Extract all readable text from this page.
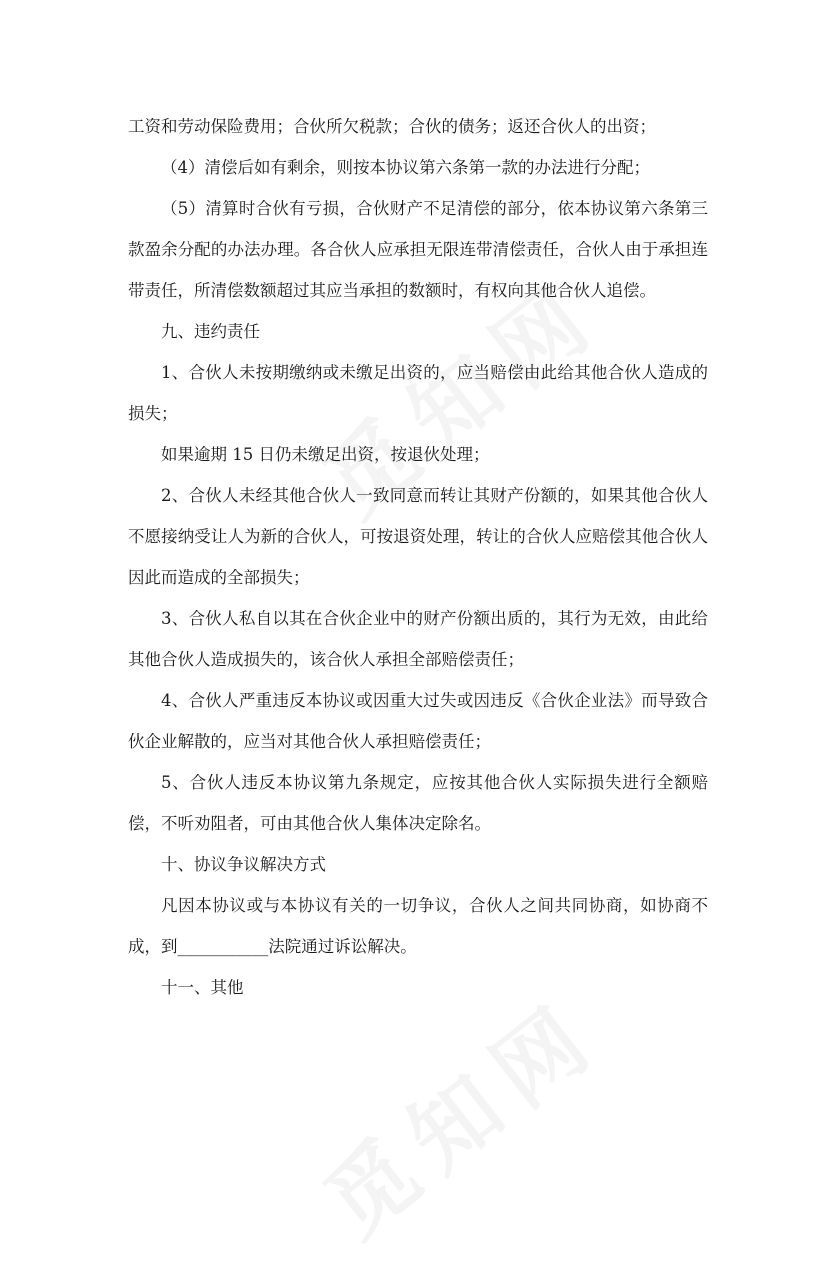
工资和劳动保险费用；合伙所欠税款；合伙的债务；返还合伙人的出资；

（4）清偿后如有剩余，则按本协议第六条第一款的办法进行分配；

（5）清算时合伙有亏损，合伙财产不足清偿的部分，依本协议第六条第三款盈余分配的办法办理。各合伙人应承担无限连带清偿责任，合伙人由于承担连带责任，所清偿数额超过其应当承担的数额时，有权向其他合伙人追偿。

九、违约责任

1、合伙人未按期缴纳或未缴足出资的，应当赔偿由此给其他合伙人造成的损失；

如果逾期 15 日仍未缴足出资，按退伙处理；

2、合伙人未经其他合伙人一致同意而转让其财产份额的，如果其他合伙人不愿接纳受让人为新的合伙人，可按退资处理，转让的合伙人应赔偿其他合伙人因此而造成的全部损失；

3、合伙人私自以其在合伙企业中的财产份额出质的，其行为无效，由此给其他合伙人造成损失的，该合伙人承担全部赔偿责任；

4、合伙人严重违反本协议或因重大过失或因违反《合伙企业法》而导致合伙企业解散的，应当对其他合伙人承担赔偿责任；

5、合伙人违反本协议第九条规定，应按其他合伙人实际损失进行全额赔偿，不听劝阻者，可由其他合伙人集体决定除名。

十、协议争议解决方式

凡因本协议或与本协议有关的一切争议，合伙人之间共同协商，如协商不成，到___________法院通过诉讼解决。

十一、其他
